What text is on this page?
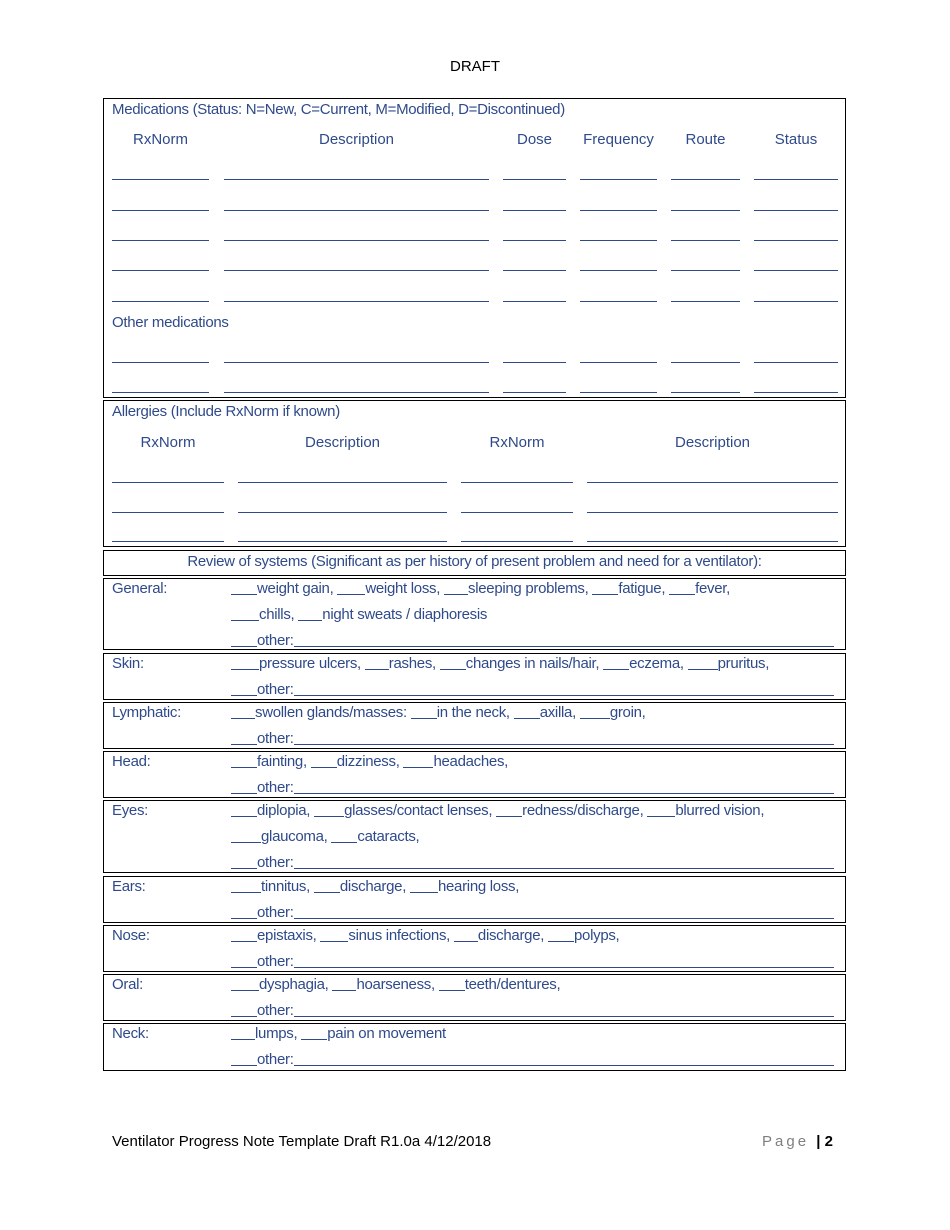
DRAFT
Medications (Status: N=New, C=Current, M=Modified, D=Discontinued)
RxNorm	Description	Dose	Frequency	Route	Status
Other medications
Allergies (Include RxNorm if known)
RxNorm	Description	RxNorm	Description
Review of systems (Significant as per history of present problem and need for a ventilator):
General:	weight gain, weight loss, sleeping problems, fatigue, fever,
chills, night sweats / diaphoresis
other:
Skin:	pressure ulcers, rashes, changes in nails/hair, eczema, pruritus,
other:
Lymphatic:	swollen glands/masses: in the neck, axilla, groin,
other:
Head:	fainting, dizziness, headaches,
other:
Eyes:	diplopia, glasses/contact lenses, redness/discharge, blurred vision,
glaucoma, cataracts,
other:
Ears:	tinnitus, discharge, hearing loss,
other:
Nose:	epistaxis, sinus infections, discharge, polyps,
other:
Oral:	dysphagia, hoarseness, teeth/dentures,
other:
Neck:	lumps, pain on movement
other:
Ventilator Progress Note Template Draft R1.0a 4/12/2018	Page | 2
